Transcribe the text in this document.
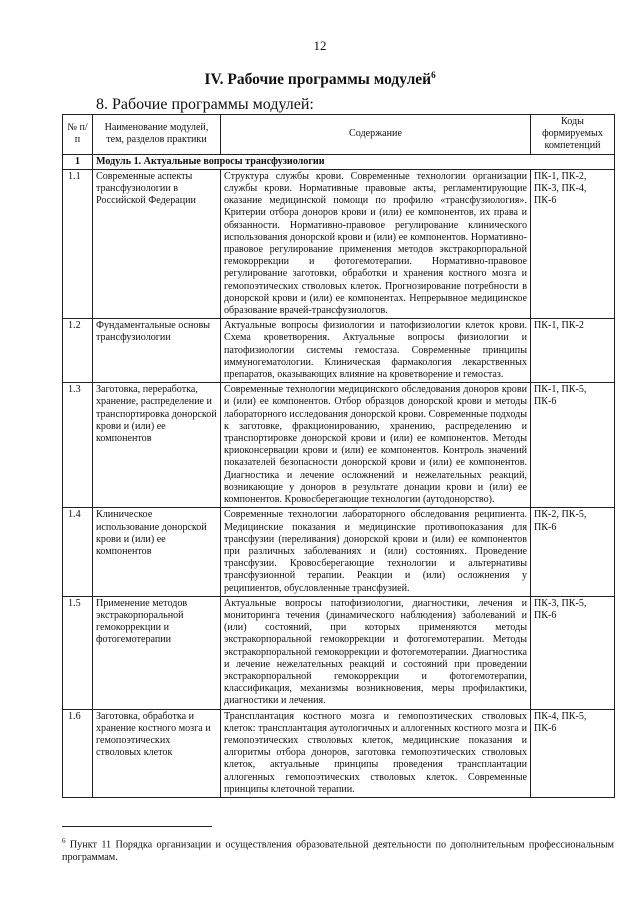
12
IV. Рабочие программы модулей$^6$
8. Рабочие программы модулей:
№ п/п	Наименование модулей, тем, разделов практики	Содержание	Коды формируемых компетенций
1	Модуль 1. Актуальные вопросы трансфузиологии		
1.1	Современные аспекты трансфузиологии в Российской Федерации	Структура службы крови. Современные технологии организации службы крови. Нормативные правовые акты, регламентирующие оказание медицинской помощи по профилю «трансфузиология». Критерии отбора доноров крови и (или) ее компонентов, их права и обязанности. Нормативно-правовое регулирование клинического использования донорской крови и (или) ее компонентов. Нормативно-правовое регулирование применения методов экстракорпоральной гемокоррекции и фотогемотерапии. Нормативно-правовое регулирование заготовки, обработки и хранения костного мозга и гемопоэтических стволовых клеток. Прогнозирование потребности в донорской крови и (или) ее компонентах. Непрерывное медицинское образование врачей-трансфузиологов.	ПК-1, ПК-2, ПК-3, ПК-4, ПК-6
1.2	Фундаментальные основы трансфузиологии	Актуальные вопросы физиологии и патофизиологии клеток крови. Схема кроветворения. Актуальные вопросы физиологии и патофизиологии системы гемостаза. Современные принципы иммуногематологии. Клиническая фармакология лекарственных препаратов, оказывающих влияние на кроветворение и гемостаз.	ПК-1, ПК-2
1.3	Заготовка, переработка, хранение, распределение и транспортировка донорской крови и (или) ее компонентов	Современные технологии медицинского обследования доноров крови и (или) ее компонентов. Отбор образцов донорской крови и методы лабораторного исследования донорской крови. Современные подходы к заготовке, фракционированию, хранению, распределению и транспортировке донорской крови и (или) ее компонентов. Методы криоконсервации крови и (или) ее компонентов. Контроль значений показателей безопасности донорской крови и (или) ее компонентов. Диагностика и лечение осложнений и нежелательных реакций, возникающие у доноров в результате донации крови и (или) ее компонентов. Кровосберегающие технологии (аутодонорство).	ПК-1, ПК-5, ПК-6
1.4	Клиническое использование донорской крови и (или) ее компонентов	Современные технологии лабораторного обследования реципиента. Медицинские показания и медицинские противопоказания для трансфузии (переливания) донорской крови и (или) ее компонентов при различных заболеваниях и (или) состояниях. Проведение трансфузии. Кровосберегающие технологии и альтернативы трансфузионной терапии. Реакции и (или) осложнения у реципиентов, обусловленные трансфузией.	ПК-2, ПК-5, ПК-6
1.5	Применение методов экстракорпоральной гемокоррекции и фотогемотерапии	Актуальные вопросы патофизиологии, диагностики, лечения и мониторинга течения (динамического наблюдения) заболеваний и (или) состояний, при которых применяются методы экстракорпоральной гемокоррекции и фотогемотерапии. Методы экстракорпоральной гемокоррекции и фотогемотерапии. Диагностика и лечение нежелательных реакций и состояний при проведении экстракорпоральной гемокоррекции и фотогемотерапии, классификация, механизмы возникновения, меры профилактики, диагностики и лечения.	ПК-3, ПК-5, ПК-6
1.6	Заготовка, обработка и хранение костного мозга и гемопоэтических стволовых клеток	Трансплантация костного мозга и гемопоэтических стволовых клеток: трансплантация аутологичных и аллогенных костного мозга и гемопоэтических стволовых клеток, медицинские показания и алгоритмы отбора доноров, заготовка гемопоэтических стволовых клеток, актуальные принципы проведения трансплантации аллогенных гемопоэтических стволовых клеток. Современные принципы клеточной терапии.	ПК-4, ПК-5, ПК-6
$^6$ Пункт 11 Порядка организации и осуществления образовательной деятельности по дополнительным профессиональным программам.
